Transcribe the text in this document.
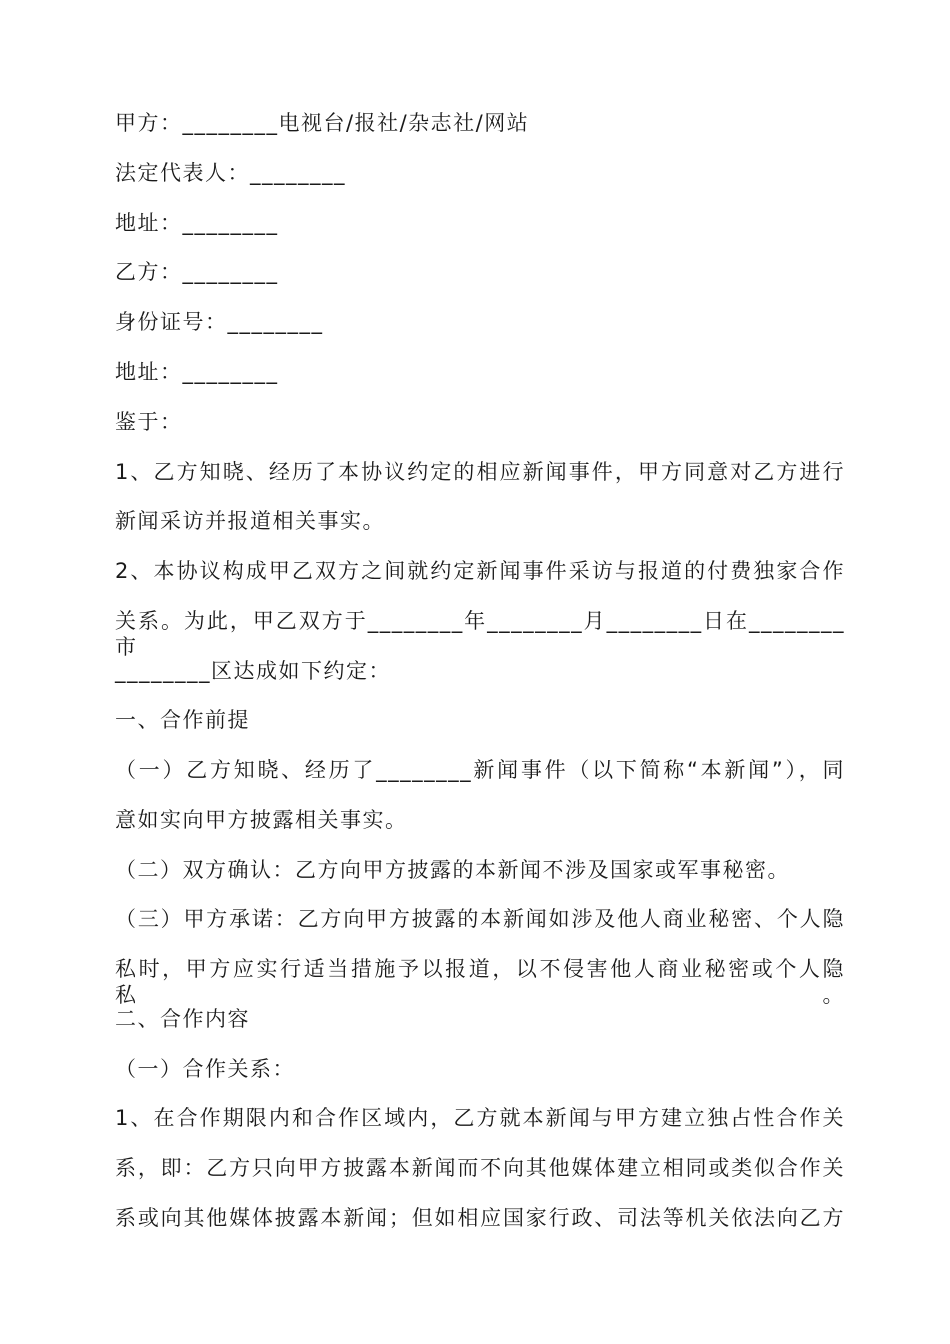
甲方：________电视台/报社/杂志社/网站
法定代表人：________
地址：________
乙方：________
身份证号：________
地址：________
鉴于：
1、乙方知晓、经历了本协议约定的相应新闻事件，甲方同意对乙方进行
新闻采访并报道相关事实。
2、本协议构成甲乙双方之间就约定新闻事件采访与报道的付费独家合作
关系。为此，甲乙双方于________年________月________日在________市
________区达成如下约定：
一、合作前提
（一）乙方知晓、经历了________新闻事件（以下简称“本新闻”），同
意如实向甲方披露相关事实。
（二）双方确认：乙方向甲方披露的本新闻不涉及国家或军事秘密。
（三）甲方承诺：乙方向甲方披露的本新闻如涉及他人商业秘密、个人隐
私时，甲方应实行适当措施予以报道，以不侵害他人商业秘密或个人隐私。
二、合作内容
（一）合作关系：
1、在合作期限内和合作区域内，乙方就本新闻与甲方建立独占性合作关
系，即：乙方只向甲方披露本新闻而不向其他媒体建立相同或类似合作关
系或向其他媒体披露本新闻；但如相应国家行政、司法等机关依法向乙方
